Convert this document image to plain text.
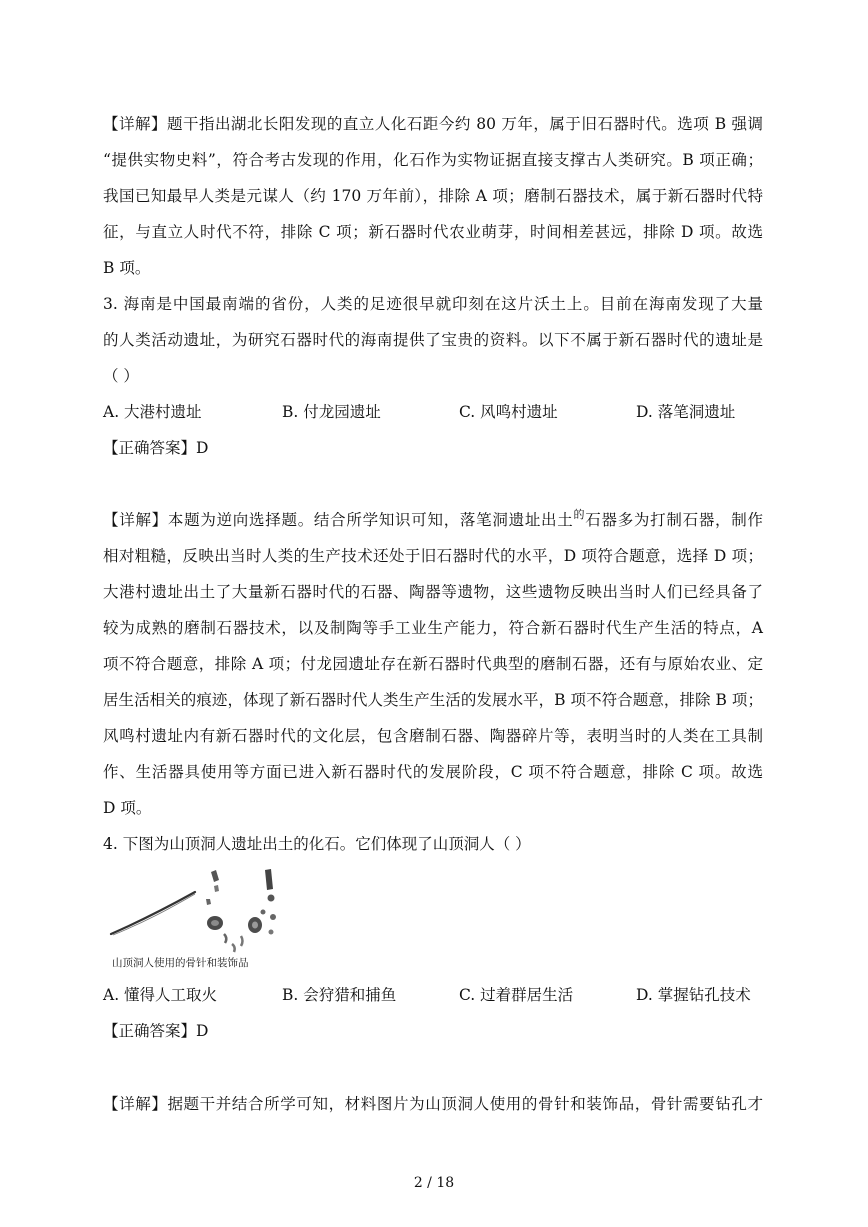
【详解】题干指出湖北长阳发现的直立人化石距今约 80 万年，属于旧石器时代。选项 B 强调
“提供实物史料”，符合考古发现的作用，化石作为实物证据直接支撑古人类研究。B 项正确；
我国已知最早人类是元谋人（约 170 万年前），排除 A 项；磨制石器技术，属于新石器时代特
征，与直立人时代不符，排除 C 项；新石器时代农业萌芽，时间相差甚远，排除 D 项。故选
B 项。
3. 海南是中国最南端的省份，人类的足迹很早就印刻在这片沃土上。目前在海南发现了大量
的人类活动遗址，为研究石器时代的海南提供了宝贵的资料。以下不属于新石器时代的遗址是
（ ）
A. 大港村遗址	B. 付龙园遗址	C. 风鸣村遗址	D. 落笔洞遗址
【正确答案】D
【详解】本题为逆向选择题。结合所学知识可知，落笔洞遗址出土$^的$石器多为打制石器，制作
相对粗糙，反映出当时人类的生产技术还处于旧石器时代的水平，D 项符合题意，选择 D 项；
大港村遗址出土了大量新石器时代的石器、陶器等遗物，这些遗物反映出当时人们已经具备了
较为成熟的磨制石器技术，以及制陶等手工业生产能力，符合新石器时代生产生活的特点，A
项不符合题意，排除 A 项；付龙园遗址存在新石器时代典型的磨制石器，还有与原始农业、定
居生活相关的痕迹，体现了新石器时代人类生产生活的发展水平，B 项不符合题意，排除 B 项；
风鸣村遗址内有新石器时代的文化层，包含磨制石器、陶器碎片等，表明当时的人类在工具制
作、生活器具使用等方面已进入新石器时代的发展阶段，C 项不符合题意，排除 C 项。故选
D 项。
4. 下图为山顶洞人遗址出土的化石。它们体现了山顶洞人（ ）
山顶洞人使用的骨针和装饰品
A. 懂得人工取火	B. 会狩猎和捕鱼	C. 过着群居生活	D. 掌握钻孔技术
【正确答案】D
【详解】据题干并结合所学可知，材料图片为山顶洞人使用的骨针和装饰品，骨针需要钻孔才
2 / 18
